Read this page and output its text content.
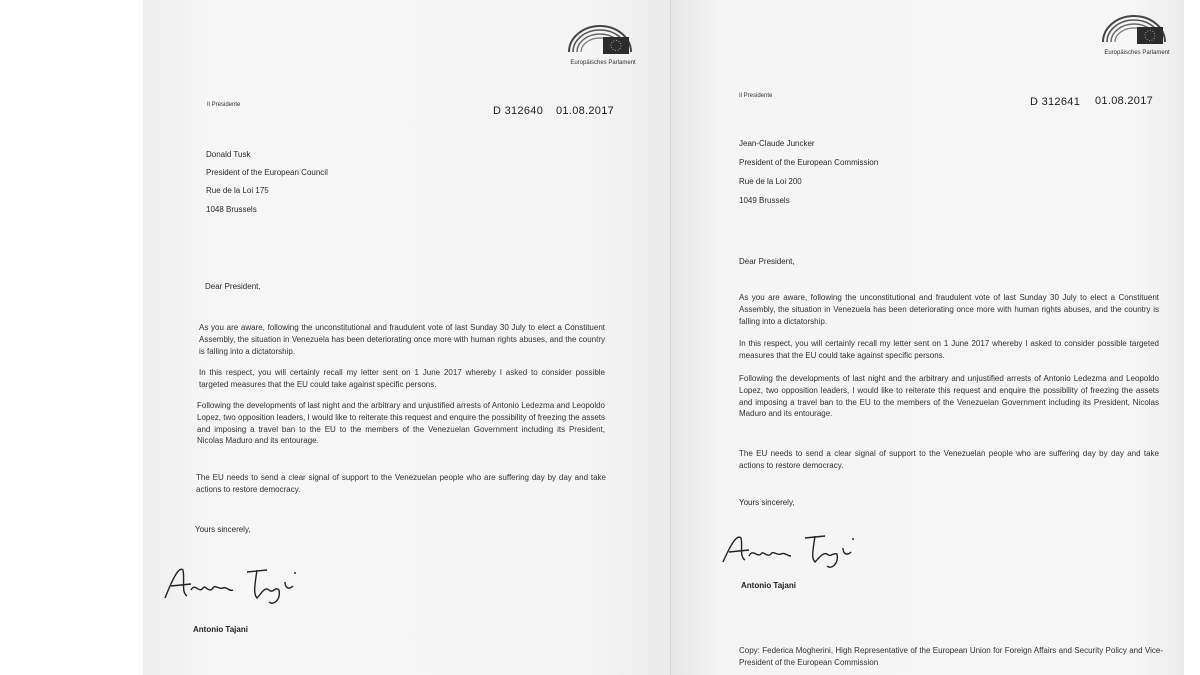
Europäisches Parlament

Il Presidente	D 312640 01.08.2017

Donald Tusk

President of the European Council

Rue de la Loi 175

1048 Brussels

Dear President,

As you are aware, following the unconstitutional and fraudulent vote of last Sunday 30 July to elect a Constituent Assembly, the situation in Venezuela has been deteriorating once more with human rights abuses, and the country is falling into a dictatorship.

In this respect, you will certainly recall my letter sent on 1 June 2017 whereby I asked to consider possible targeted measures that the EU could take against specific persons.

Following the developments of last night and the arbitrary and unjustified arrests of Antonio Ledezma and Leopoldo Lopez, two opposition leaders, I would like to reiterate this request and enquire the possibility of freezing the assets and imposing a travel ban to the EU to the members of the Venezuelan Government including its President, Nicolas Maduro and its entourage.

The EU needs to send a clear signal of support to the Venezuelan people who are suffering day by day and take actions to restore democracy.

Yours sincerely,

Antonio Tajani

Europäisches Parlament

Il Presidente	D 312641 01.08.2017

Jean-Claude Juncker

President of the European Commission

Rue de la Loi 200

1049 Brussels

Dear President,

As you are aware, following the unconstitutional and fraudulent vote of last Sunday 30 July to elect a Constituent Assembly, the situation in Venezuela has been deteriorating once more with human rights abuses, and the country is falling into a dictatorship.

In this respect, you will certainly recall my letter sent on 1 June 2017 whereby I asked to consider possible targeted measures that the EU could take against specific persons.

Following the developments of last night and the arbitrary and unjustified arrests of Antonio Ledezma and Leopoldo Lopez, two opposition leaders, I would like to reiterate this request and enquire the possibility of freezing the assets and imposing a travel ban to the EU to the members of the Venezuelan Government including its President, Nicolas Maduro and its entourage.

The EU needs to send a clear signal of support to the Venezuelan people who are suffering day by day and take actions to restore democracy.

Yours sincerely,

Antonio Tajani

Copy: Federica Mogherini, High Representative of the European Union for Foreign Affairs and Security Policy and Vice-President of the European Commission
